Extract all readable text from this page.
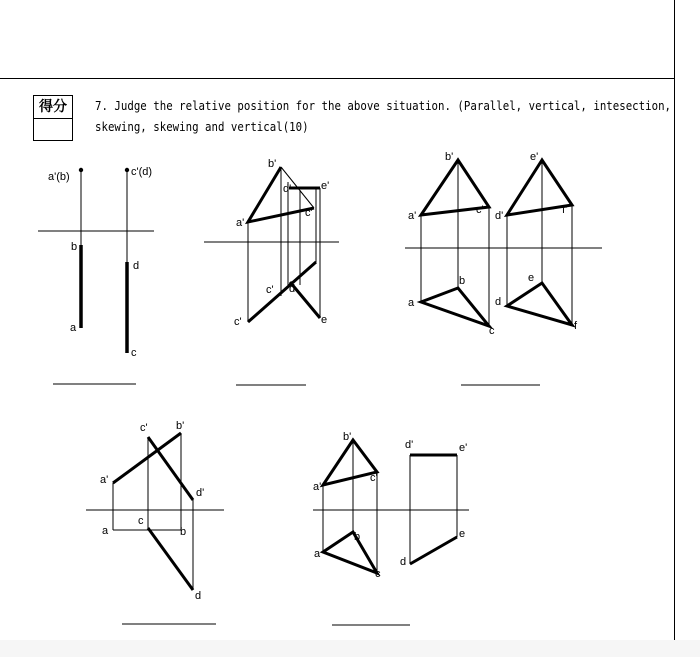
得分	7. Judge the relative position for the above situation. (Parallel, vertical, intesection,
skewing, skewing and vertical(10)
a'(b)	c'(d)
b
a
d
c
b'
d'	e'
c'
a'
c' d
c'	e
b'
a'	c'
b
a
c
e'
d'	f'
e
d
f
c'	b'
a'
d'
c
a	b
d
b'
a'
c'
b
a
c
d'	e'
d
e
